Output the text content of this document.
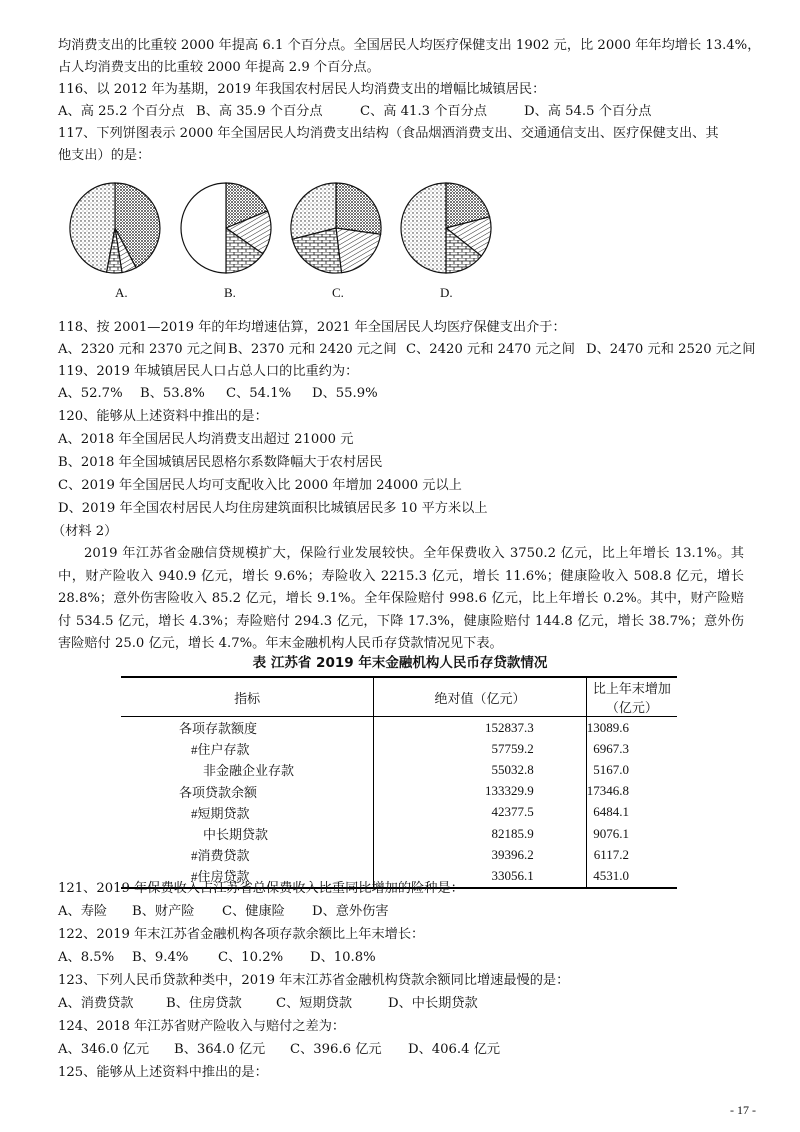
均消费支出的比重较 2000 年提高 6.1 个百分点。全国居民人均医疗保健支出 1902 元，比 2000 年年均增长 13.4%，
占人均消费支出的比重较 2000 年提高 2.9 个百分点。
116、以 2012 年为基期，2019 年我国农村居民人均消费支出的增幅比城镇居民：
A、高 25.2 个百分点 B、高 35.9 个百分点	C、高 41.3 个百分点	D、高 54.5 个百分点
117、下列饼图表示 2000 年全国居民人均消费支出结构（食品烟酒消费支出、交通通信支出、医疗保健支出、其
他支出）的是：
A.	B.	C.	D.
118、按 2001—2019 年的年均增速估算，2021 年全国居民人均医疗保健支出介于：
A、2320 元和 2370 元之间 B、2370 元和 2420 元之间 C、2420 元和 2470 元之间 D、2470 元和 2520 元之间
119、2019 年城镇居民人口占总人口的比重约为：
A、52.7% B、53.8% C、54.1% D、55.9%
120、能够从上述资料中推出的是：
A、2018 年全国居民人均消费支出超过 21000 元
B、2018 年全国城镇居民恩格尔系数降幅大于农村居民
C、2019 年全国居民人均可支配收入比 2000 年增加 24000 元以上
D、2019 年全国农村居民人均住房建筑面积比城镇居民多 10 平方米以上
（材料 2）
2019 年江苏省金融信贷规模扩大，保险行业发展较快。全年保费收入 3750.2 亿元，比上年增长 13.1%。其中，财产险收入 940.9 亿元，增长 9.6%；寿险收入 2215.3 亿元，增长 11.6%；健康险收入 508.8 亿元，增长 28.8%；意外伤害险收入 85.2 亿元，增长 9.1%。全年保险赔付 998.6 亿元，比上年增长 0.2%。其中，财产险赔付 534.5 亿元，增长 4.3%；寿险赔付 294.3 亿元，下降 17.3%，健康险赔付 144.8 亿元，增长 38.7%；意外伤害险赔付 25.0 亿元，增长 4.7%。年末金融机构人民币存贷款情况见下表。
表 江苏省 2019 年末金融机构人民币存贷款情况
指标	绝对值（亿元）	比上年末增加（亿元）
各项存款额度	152837.3	13089.6
#住户存款	57759.2	6967.3
非金融企业存款	55032.8	5167.0
各项贷款余额	133329.9	17346.8
#短期贷款	42377.5	6484.1
中长期贷款	82185.9	9076.1
#消费贷款	39396.2	6117.2
#住房贷款	33056.1	4531.0
121、2019 年保费收入占江苏省总保费收入比重同比增加的险种是：
A、寿险 B、财产险 C、健康险 D、意外伤害
122、2019 年末江苏省金融机构各项存款余额比上年末增长：
A、8.5% B、9.4% C、10.2% D、10.8%
123、下列人民币贷款种类中，2019 年末江苏省金融机构贷款余额同比增速最慢的是：
A、消费贷款 B、住房贷款	C、短期贷款	D、中长期贷款
124、2018 年江苏省财产险收入与赔付之差为：
A、346.0 亿元 B、364.0 亿元 C、396.6 亿元 D、406.4 亿元
125、能够从上述资料中推出的是：
- 17 -
